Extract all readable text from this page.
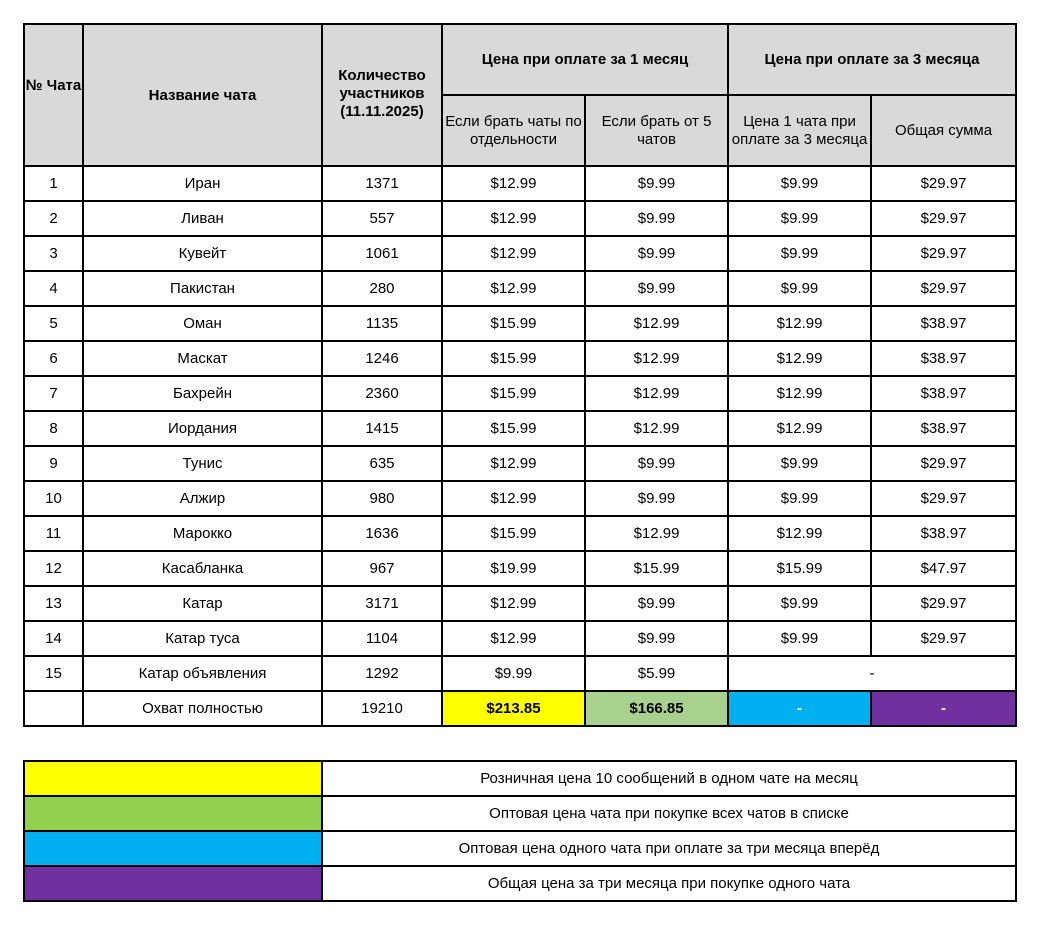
№ Чата	Название чата	Количество участников (11.11.2025)	Цена при оплате за 1 месяц		Цена при оплате за 3 месяца	
			Если брать чаты по отдельности	Если брать от 5 чатов	Цена 1 чата при оплате за 3 месяца	Общая сумма
1	Иран	1371	$12.99	$9.99	$9.99	$29.97
2	Ливан	557	$12.99	$9.99	$9.99	$29.97
3	Кувейт	1061	$12.99	$9.99	$9.99	$29.97
4	Пакистан	280	$12.99	$9.99	$9.99	$29.97
5	Оман	1135	$15.99	$12.99	$12.99	$38.97
6	Маскат	1246	$15.99	$12.99	$12.99	$38.97
7	Бахрейн	2360	$15.99	$12.99	$12.99	$38.97
8	Иордания	1415	$15.99	$12.99	$12.99	$38.97
9	Тунис	635	$12.99	$9.99	$9.99	$29.97
10	Алжир	980	$12.99	$9.99	$9.99	$29.97
11	Марокко	1636	$15.99	$12.99	$12.99	$38.97
12	Касабланка	967	$19.99	$15.99	$15.99	$47.97
13	Катар	3171	$12.99	$9.99	$9.99	$29.97
14	Катар туса	1104	$12.99	$9.99	$9.99	$29.97
15	Катар объявления	1292	$9.99	$5.99	-	
	Охват полностью	19210	$213.85	$166.85	-	-
	Розничная цена 10 сообщений в одном чате на месяц
	Оптовая цена чата при покупке всех чатов в списке
	Оптовая цена одного чата при оплате за три месяца вперёд
	Общая цена за три месяца при покупке одного чата
